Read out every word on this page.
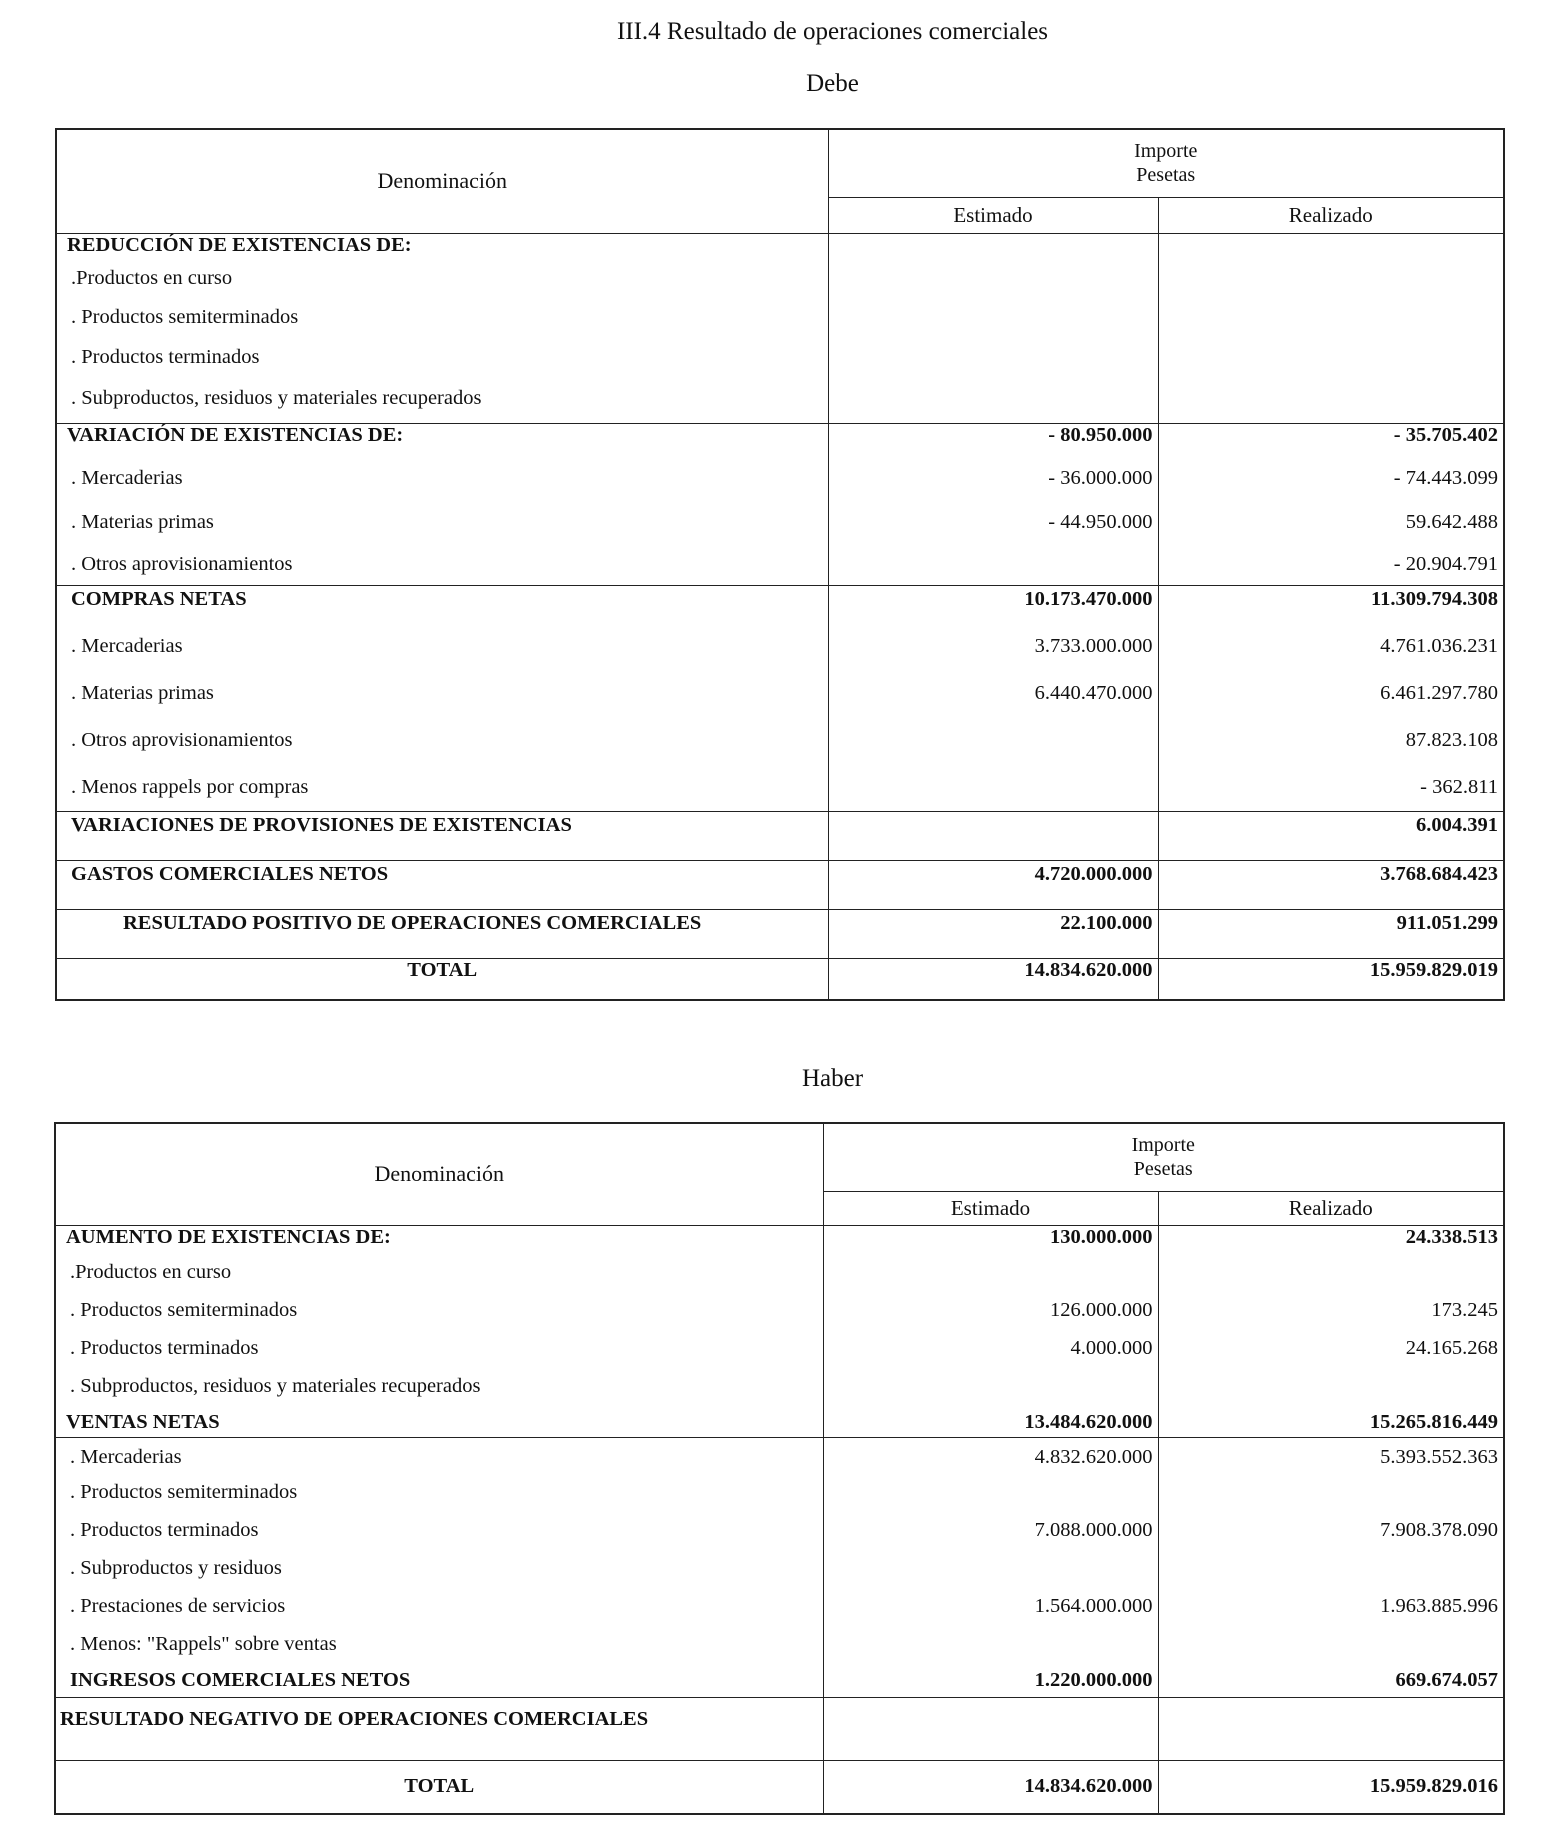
III.4 Resultado de operaciones comerciales
Debe
Denominación	Importe
Pesetas	
	Estimado	Realizado
REDUCCIÓN DE EXISTENCIAS DE:		
.Productos en curso		
. Productos semiterminados		
. Productos terminados		
. Subproductos, residuos y materiales recuperados		
VARIACIÓN DE EXISTENCIAS DE:	- 80.950.000	- 35.705.402
. Mercaderias	- 36.000.000	- 74.443.099
. Materias primas	- 44.950.000	59.642.488
. Otros aprovisionamientos		- 20.904.791
COMPRAS NETAS	10.173.470.000	11.309.794.308
. Mercaderias	3.733.000.000	4.761.036.231
. Materias primas	6.440.470.000	6.461.297.780
. Otros aprovisionamientos		87.823.108
. Menos rappels por compras		- 362.811
VARIACIONES DE PROVISIONES DE EXISTENCIAS		6.004.391
GASTOS COMERCIALES NETOS	4.720.000.000	3.768.684.423
RESULTADO POSITIVO DE OPERACIONES COMERCIALES	22.100.000	911.051.299
TOTAL	14.834.620.000	15.959.829.019
Haber
Denominación	Importe
Pesetas	
	Estimado	Realizado
AUMENTO DE EXISTENCIAS DE:	130.000.000	24.338.513
.Productos en curso		
. Productos semiterminados	126.000.000	173.245
. Productos terminados	4.000.000	24.165.268
. Subproductos, residuos y materiales recuperados		
VENTAS NETAS	13.484.620.000	15.265.816.449
. Mercaderias	4.832.620.000	5.393.552.363
. Productos semiterminados		
. Productos terminados	7.088.000.000	7.908.378.090
. Subproductos y residuos		
. Prestaciones de servicios	1.564.000.000	1.963.885.996
. Menos: "Rappels" sobre ventas		
INGRESOS COMERCIALES NETOS	1.220.000.000	669.674.057
RESULTADO NEGATIVO DE OPERACIONES COMERCIALES		
TOTAL	14.834.620.000	15.959.829.016
